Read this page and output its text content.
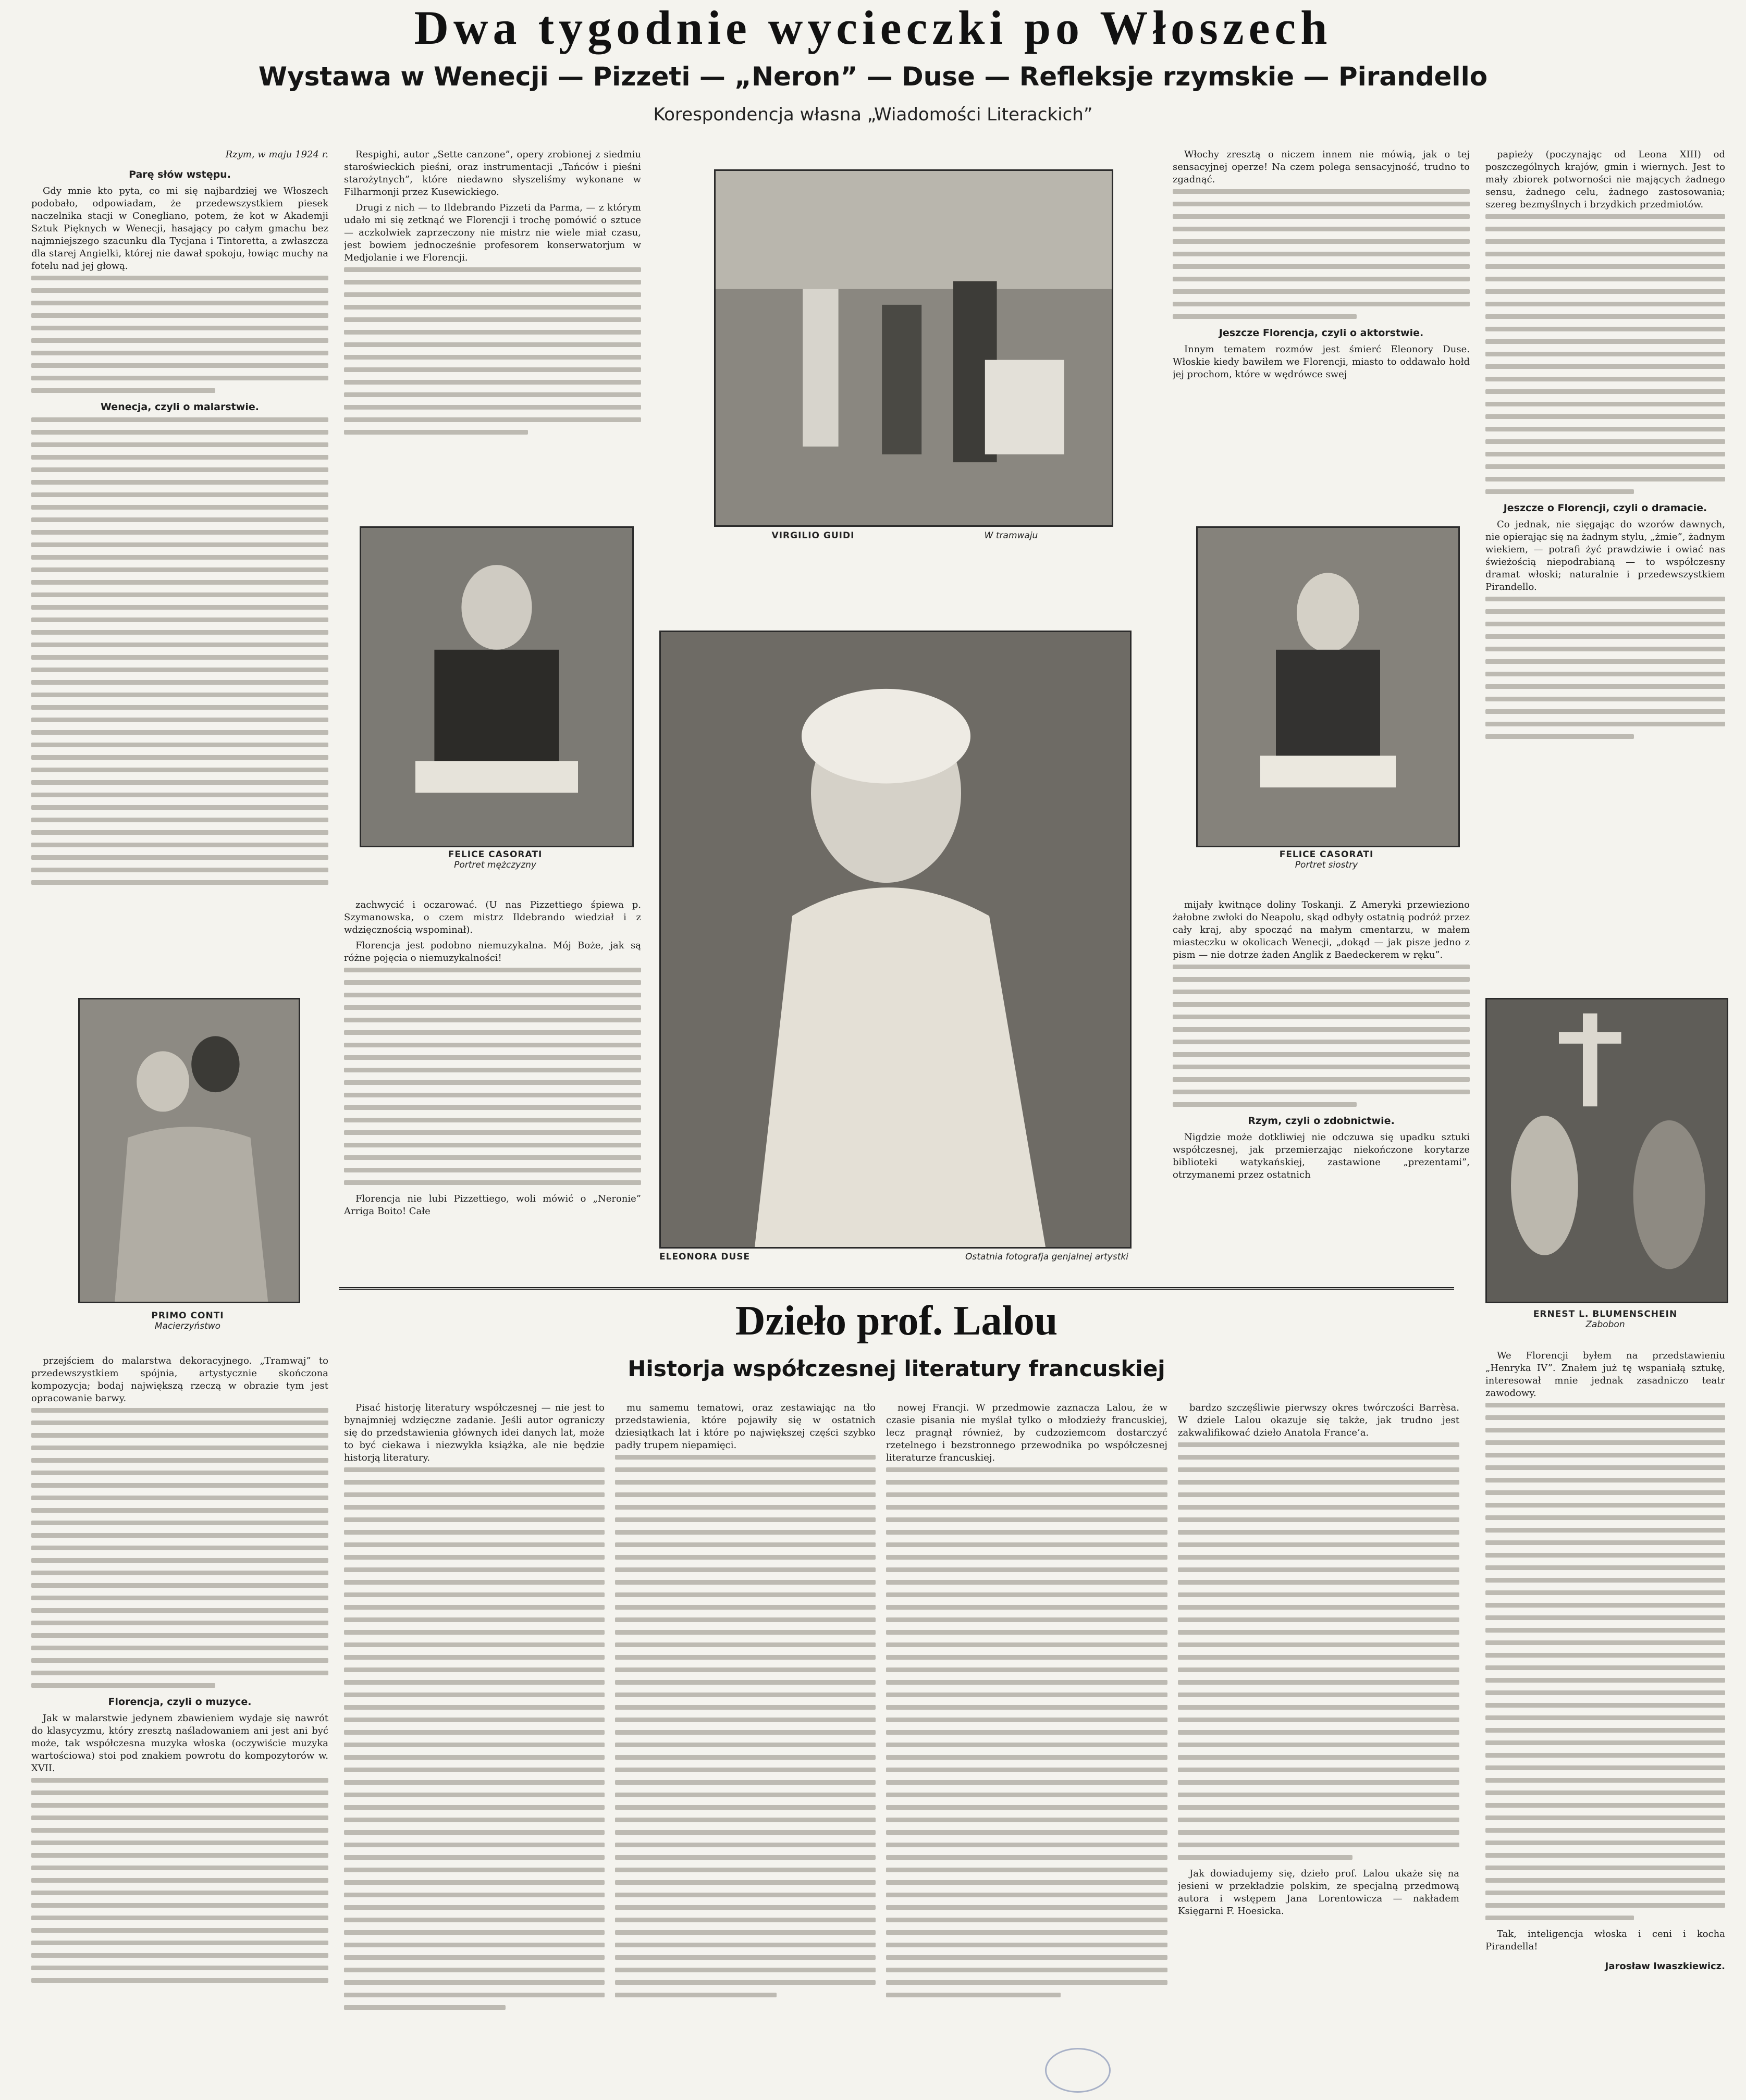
Dwa tygodnie wycieczki po Włoszech
Wystawa w Wenecji — Pizzeti — „Neron” — Duse — Refleksje rzymskie — Pirandello
Korespondencja własna „Wiadomości Literackich”
Rzym, w maju 1924 r.
Parę słów wstępu.

Gdy mnie kto pyta, co mi się najbardziej we Włoszech podobało, odpowiadam, że przedewszystkiem piesek naczelnika stacji w Conegliano, potem, że kot w Akademji Sztuk Pięknych w Wenecji, hasający po całym gmachu bez najmniejszego szacunku dla Tycjana i Tintoretta, a zwłaszcza dla starej Angielki, której nie dawał spokoju, łowiąc muchy na fotelu nad jej głową.

Wenecja, czyli o malarstwie.

Respighi, autor „Sette canzone”, opery zrobionej z siedmiu staroświeckich pieśni, oraz instrumentacji „Tańców i pieśni starożytnych”, które niedawno słyszeliśmy wykonane w Filharmonji przez Kusewickiego.

Drugi z nich — to Ildebrando Pizzeti da Parma, — z którym udało mi się zetknąć we Florencji i trochę pomówić o sztuce — aczkolwiek zaprzeczony nie mistrz nie wiele miał czasu, jest bowiem jednocześnie profesorem konserwatorjum w Medjolanie i we Florencji.

zachwycić i oczarować. (U nas Pizzettiego śpiewa p. Szymanowska, o czem mistrz Ildebrando wiedział i z wdzięcznością wspominał).

Florencja jest podobno niemuzykalna. Mój Boże, jak są różne pojęcia o niemuzykalności!

Florencja nie lubi Pizzettiego, woli mówić o „Neronie” Arriga Boito! Całe

Włochy zresztą o niczem innem nie mówią, jak o tej sensacyjnej operze! Na czem polega sensacyjność, trudno to zgadnąć.

Jeszcze Florencja, czyli o aktorstwie.

Innym tematem rozmów jest śmierć Eleonory Duse. Włoskie kiedy bawiłem we Florencji, miasto to oddawało hołd jej prochom, które w wędrówce swej

mijały kwitnące doliny Toskanji. Z Ameryki przewieziono żałobne zwłoki do Neapolu, skąd odbyły ostatnią podróż przez cały kraj, aby spocząć na małym cmentarzu, w małem miasteczku w okolicach Wenecji, „dokąd — jak pisze jedno z pism — nie dotrze żaden Anglik z Baedeckerem w ręku”.

Rzym, czyli o zdobnictwie.

Nigdzie może dotkliwiej nie odczuwa się upadku sztuki współczesnej, jak przemierzając niekończone korytarze biblioteki watykańskiej, zastawione „prezentami”, otrzymanemi przez ostatnich

papieży (poczynając od Leona XIII) od poszczególnych krajów, gmin i wiernych. Jest to mały zbiorek potworności nie mających żadnego sensu, żadnego celu, żadnego zastosowania; szereg bezmyślnych i brzydkich przedmiotów.

Jeszcze o Florencji, czyli o dramacie.

Co jednak, nie sięgając do wzorów dawnych, nie opierając się na żadnym stylu, „żmie”, żadnym wiekiem, — potrafi żyć prawdziwie i owiać nas świeżością niepodrabianą — to współczesny dramat włoski; naturalnie i przedewszystkiem Pirandello.

We Florencji byłem na przedstawieniu „Henryka IV”. Znałem już tę wspaniałą sztukę, interesował mnie jednak zasadniczo teatr zawodowy.

Tak, inteligencja włoska i ceni i kocha Pirandella!

Jarosław Iwaszkiewicz.

przejściem do malarstwa dekoracyjnego. „Tramwaj” to przedewszystkiem spójnia, artystycznie skończona kompozycja; bodaj największą rzeczą w obrazie tym jest opracowanie barwy.

Florencja, czyli o muzyce.

Jak w malarstwie jedynem zbawieniem wydaje się nawrót do klasycyzmu, który zresztą naśladowaniem ani jest ani być może, tak współczesna muzyka włoska (oczywiście muzyka wartościowa) stoi pod znakiem powrotu do kompozytorów w. XVII.

VIRGILIO GUIDI	W tramwaju
FELICE CASORATI
Portret mężczyzny
ELEONORA DUSE	Ostatnia fotografja genjalnej artystki
FELICE CASORATI
Portret siostry
PRIMO CONTI
Macierzyństwo
ERNEST L. BLUMENSCHEIN
Zabobon
Dzieło prof. Lalou
Historja współczesnej literatury francuskiej

Pisać historję literatury współczesnej — nie jest to bynajmniej wdzięczne zadanie. Jeśli autor ograniczy się do przedstawienia głównych idei danych lat, może to być ciekawa i niezwykła książka, ale nie będzie historją literatury.

mu samemu tematowi, oraz zestawiając na tło przedstawienia, które pojawiły się w ostatnich dziesiątkach lat i które po największej części szybko padły trupem niepamięci.

nowej Francji. W przedmowie zaznacza Lalou, że w czasie pisania nie myślał tylko o młodzieży francuskiej, lecz pragnął również, by cudzoziemcom dostarczyć rzetelnego i bezstronnego przewodnika po współczesnej literaturze francuskiej.

bardzo szczęśliwie pierwszy okres twórczości Barrèsa. W dziele Lalou okazuje się także, jak trudno jest zakwalifikować dzieło Anatola France’a.

Jak dowiadujemy się, dzieło prof. Lalou ukaże się na jesieni w przekładzie polskim, ze specjalną przedmową autora i wstępem Jana Lorentowicza — nakładem Księgarni F. Hoesicka.
